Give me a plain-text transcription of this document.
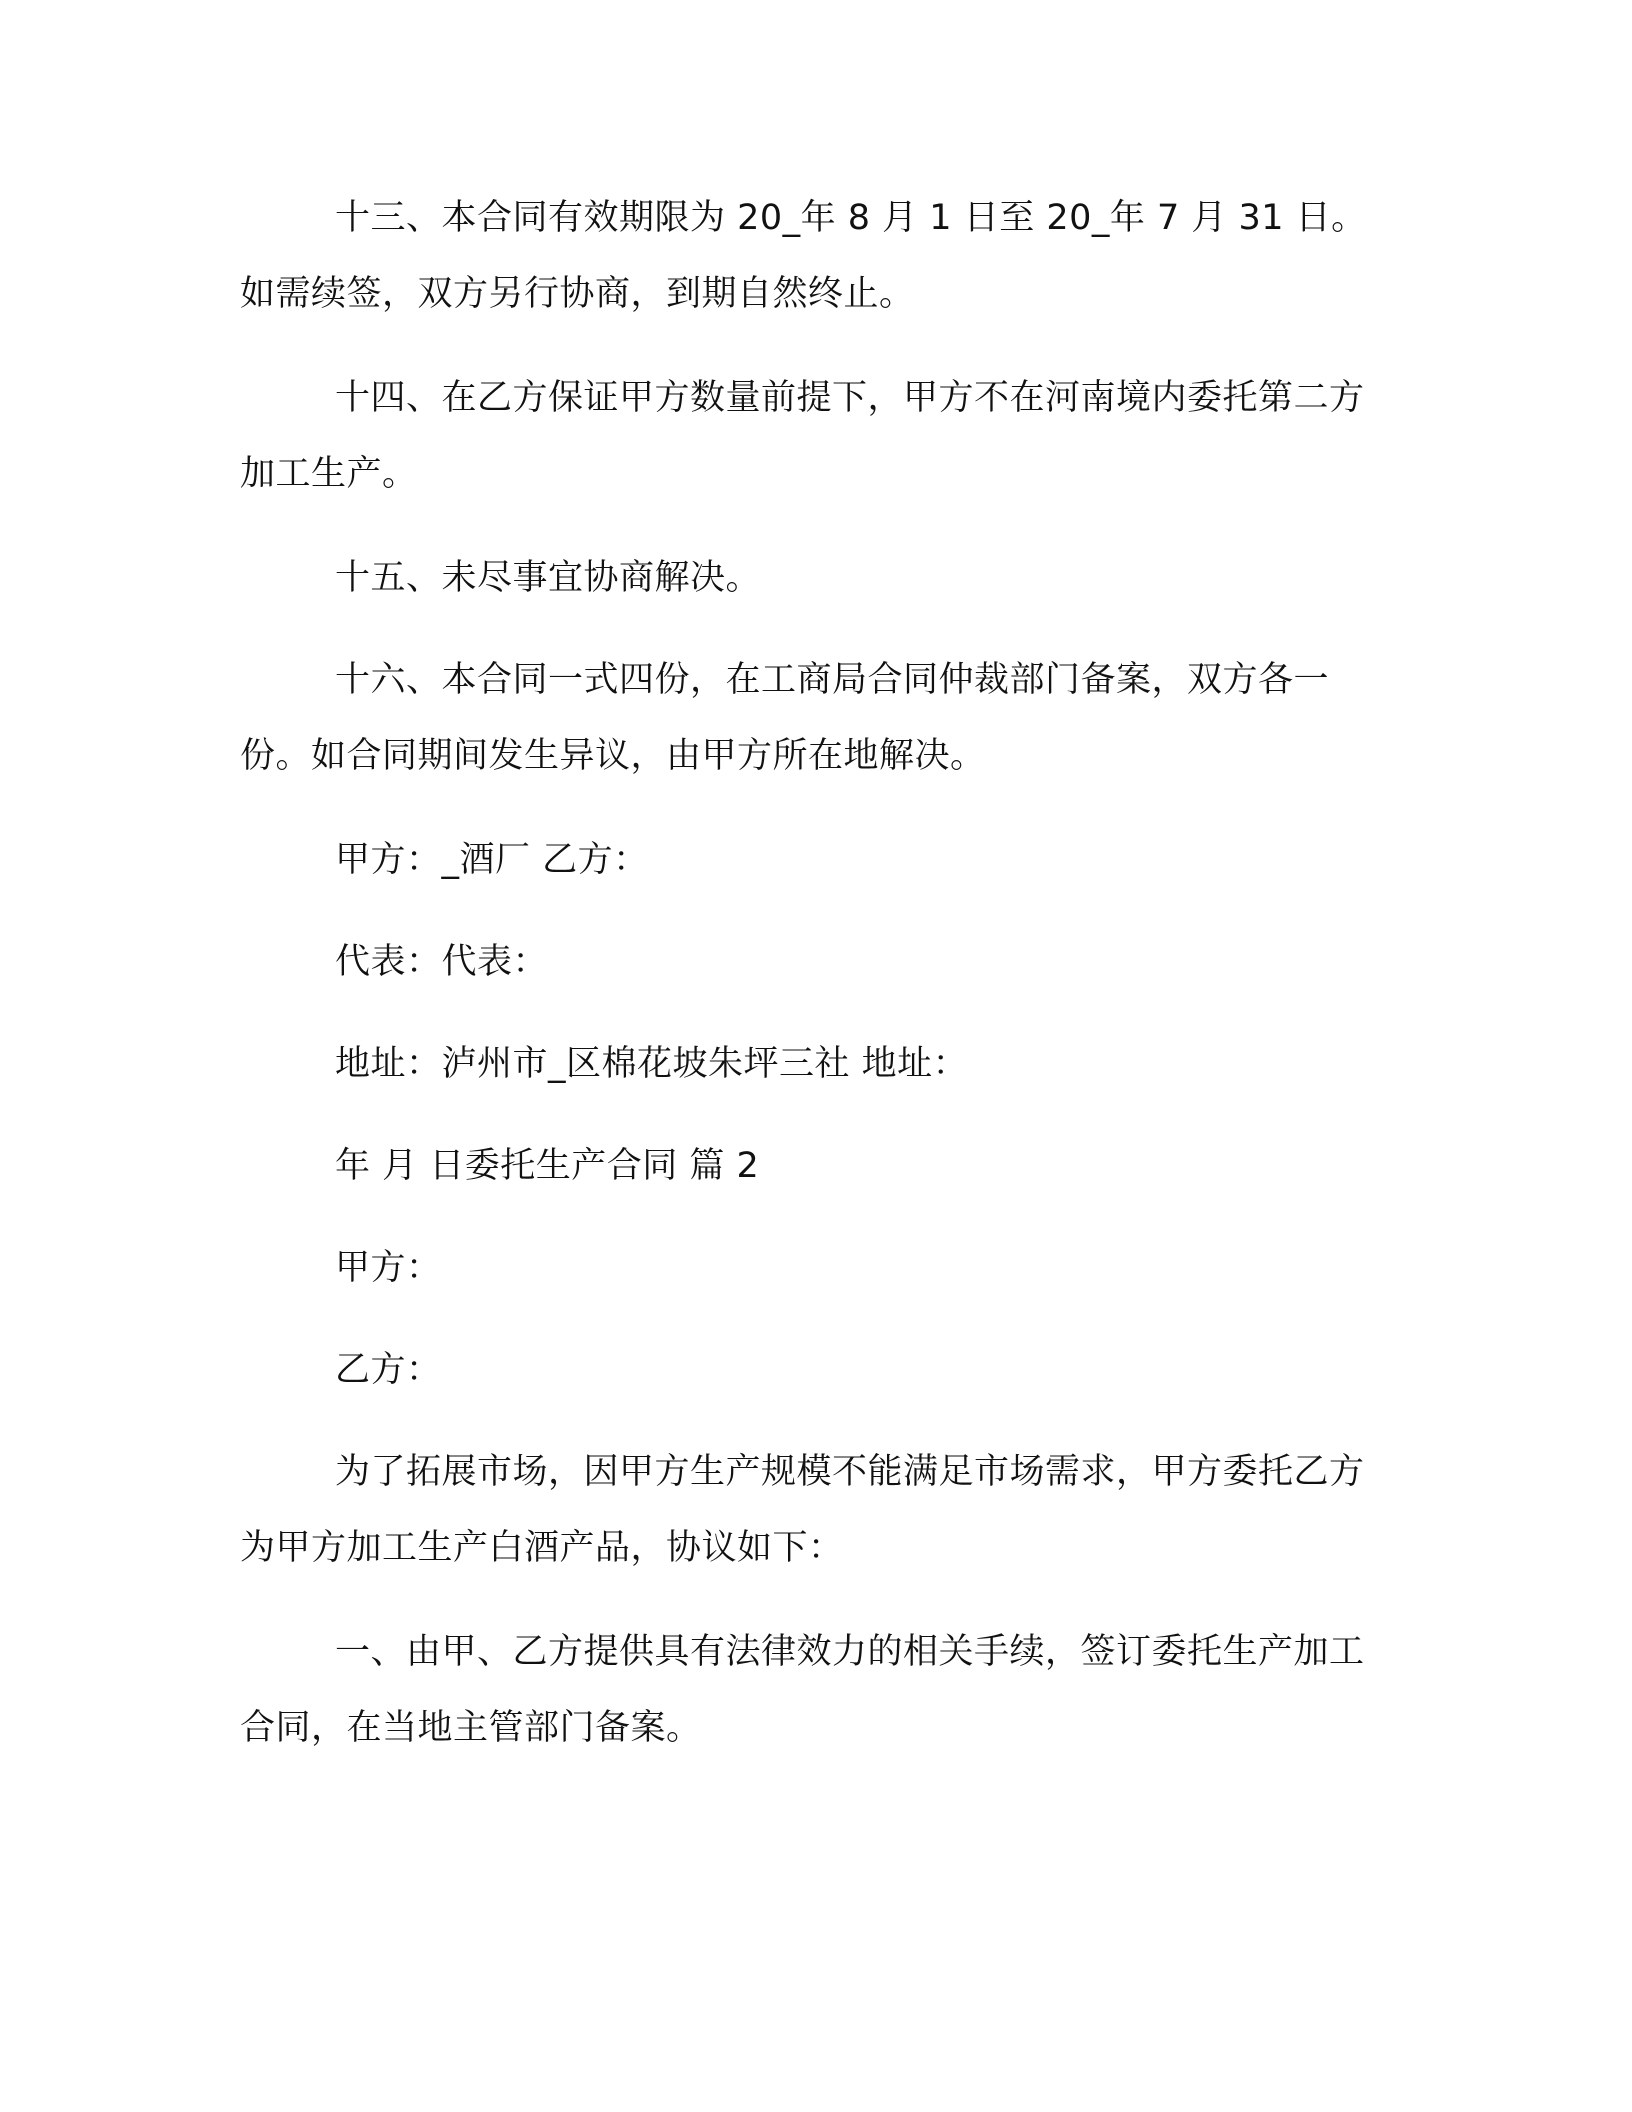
十三、本合同有效期限为 20_年 8 月 1 日至 20_年 7 月 31 日。如需续签，双方另行协商，到期自然终止。

十四、在乙方保证甲方数量前提下，甲方不在河南境内委托第二方加工生产。

十五、未尽事宜协商解决。

十六、本合同一式四份，在工商局合同仲裁部门备案，双方各一份。如合同期间发生异议，由甲方所在地解决。

甲方：_酒厂 乙方：

代表：代表：

地址：泸州市_区棉花坡朱坪三社 地址：

年 月 日委托生产合同 篇 2

甲方：

乙方：

为了拓展市场，因甲方生产规模不能满足市场需求，甲方委托乙方为甲方加工生产白酒产品，协议如下：

一、由甲、乙方提供具有法律效力的相关手续，签订委托生产加工合同，在当地主管部门备案。
